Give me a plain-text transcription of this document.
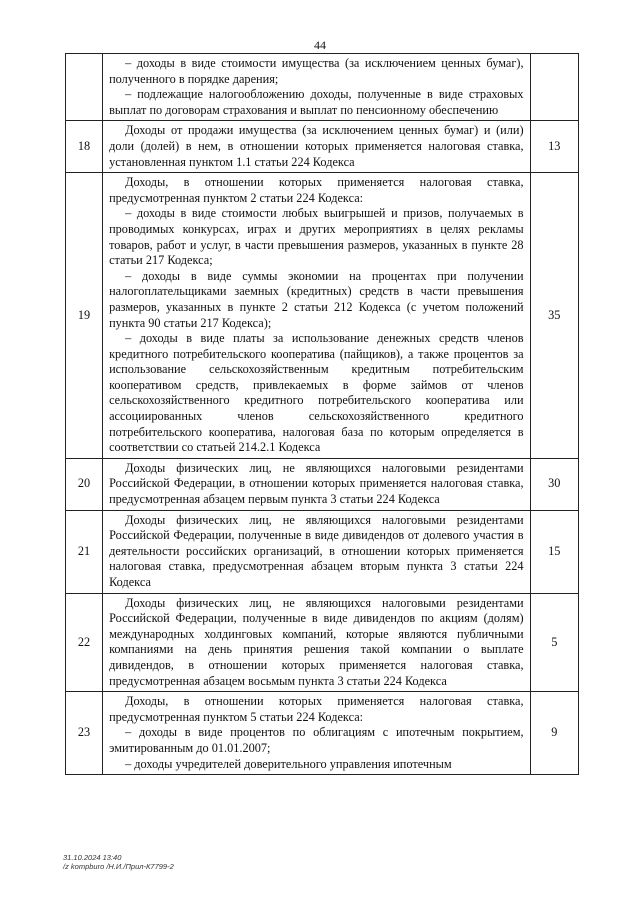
44

	– доходы в виде стоимости имущества (за исключением ценных бумаг), полученного в порядке дарения;

– подлежащие налогообложению доходы, полученные в виде страховых выплат по договорам страхования и выплат по пенсионному обеспечению	

18	Доходы от продажи имущества (за исключением ценных бумаг) и (или) доли (долей) в нем, в отношении которых применяется налоговая ставка, установленная пунктом 1.1 статьи 224 Кодекса	13
19	Доходы, в отношении которых применяется налоговая ставка, предусмотренная пунктом 2 статьи 224 Кодекса:

– доходы в виде стоимости любых выигрышей и призов, получаемых в проводимых конкурсах, играх и других мероприятиях в целях рекламы товаров, работ и услуг, в части превышения размеров, указанных в пункте 28 статьи 217 Кодекса;

– доходы в виде суммы экономии на процентах при получении налогоплательщиками заемных (кредитных) средств в части превышения размеров, указанных в пункте 2 статьи 212 Кодекса (с учетом положений пункта 90 статьи 217 Кодекса);

– доходы в виде платы за использование денежных средств членов кредитного потребительского кооператива (пайщиков), а также процентов за использование сельскохозяйственным кредитным потребительским кооперативом средств, привлекаемых в форме займов от членов сельскохозяйственного кредитного потребительского кооператива или ассоциированных членов сельскохозяйственного кредитного потребительского кооператива, налоговая база по которым определяется в соответствии со статьей 214.2.1 Кодекса	35
20	Доходы физических лиц, не являющихся налоговыми резидентами Российской Федерации, в отношении которых применяется налоговая ставка, предусмотренная абзацем первым пункта 3 статьи 224 Кодекса	30
21	Доходы физических лиц, не являющихся налоговыми резидентами Российской Федерации, полученные в виде дивидендов от долевого участия в деятельности российских организаций, в отношении которых применяется налоговая ставка, предусмотренная абзацем вторым пункта 3 статьи 224 Кодекса	15
22	Доходы физических лиц, не являющихся налоговыми резидентами Российской Федерации, полученные в виде дивидендов по акциям (долям) международных холдинговых компаний, которые являются публичными компаниями на день принятия решения такой компании о выплате дивидендов, в отношении которых применяется налоговая ставка, предусмотренная абзацем восьмым пункта 3 статьи 224 Кодекса	5
23	Доходы, в отношении которых применяется налоговая ставка, предусмотренная пунктом 5 статьи 224 Кодекса:

– доходы в виде процентов по облигациям с ипотечным покрытием, эмитированным до 01.01.2007;

– доходы учредителей доверительного управления ипотечным	9
31.10.2024 13:40
/z kompburo /Н.И./Прил-К7799-2
